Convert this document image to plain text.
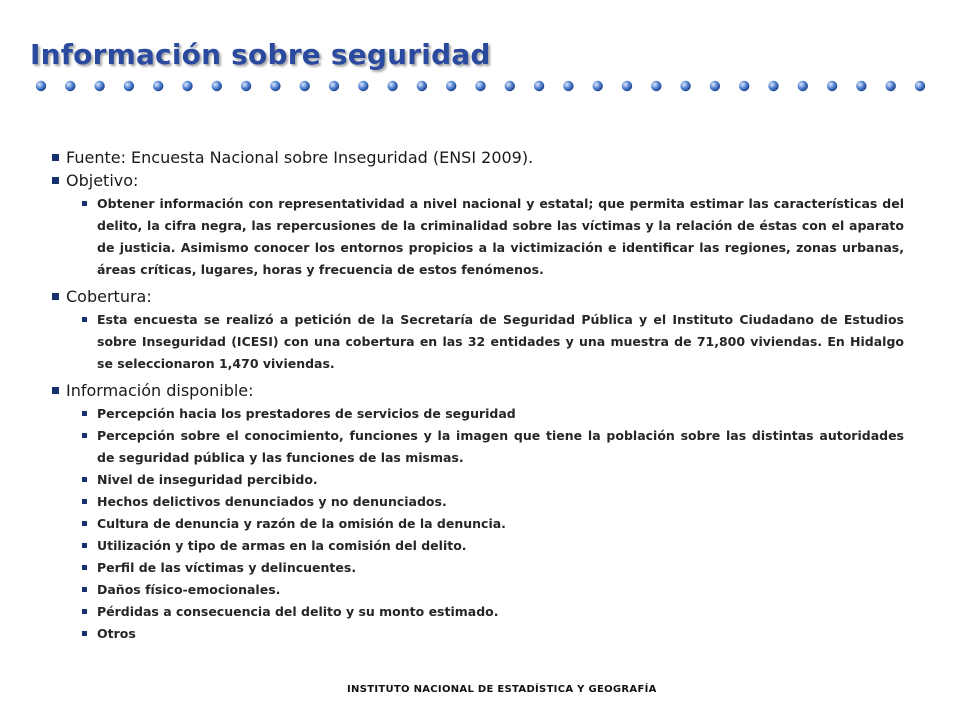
Información sobre seguridad
Fuente: Encuesta Nacional sobre Inseguridad (ENSI 2009).
Objetivo:
Obtener información con representatividad a nivel nacional y estatal; que permita estimar las características del delito, la cifra negra, las repercusiones de la criminalidad sobre las víctimas y la relación de éstas con el aparato de justicia. Asimismo conocer los entornos propicios a la victimización e identificar las regiones, zonas urbanas, áreas críticas, lugares, horas y frecuencia de estos fenómenos.
Cobertura:
Esta encuesta se realizó a petición de la Secretaría de Seguridad Pública y el Instituto Ciudadano de Estudios sobre Inseguridad (ICESI) con una cobertura en las 32 entidades y una muestra de 71,800 viviendas. En Hidalgo se seleccionaron 1,470 viviendas.
Información disponible:
Percepción hacia los prestadores de servicios de seguridad
Percepción sobre el conocimiento, funciones y la imagen que tiene la población sobre las distintas autoridades de seguridad pública y las funciones de las mismas.
Nivel de inseguridad percibido.
Hechos delictivos denunciados y no denunciados.
Cultura de denuncia y razón de la omisión de la denuncia.
Utilización y tipo de armas en la comisión del delito.
Perfil de las víctimas y delincuentes.
Daños físico-emocionales.
Pérdidas a consecuencia del delito y su monto estimado.
Otros
INSTITUTO NACIONAL DE ESTADÍSTICA Y GEOGRAFÍA
